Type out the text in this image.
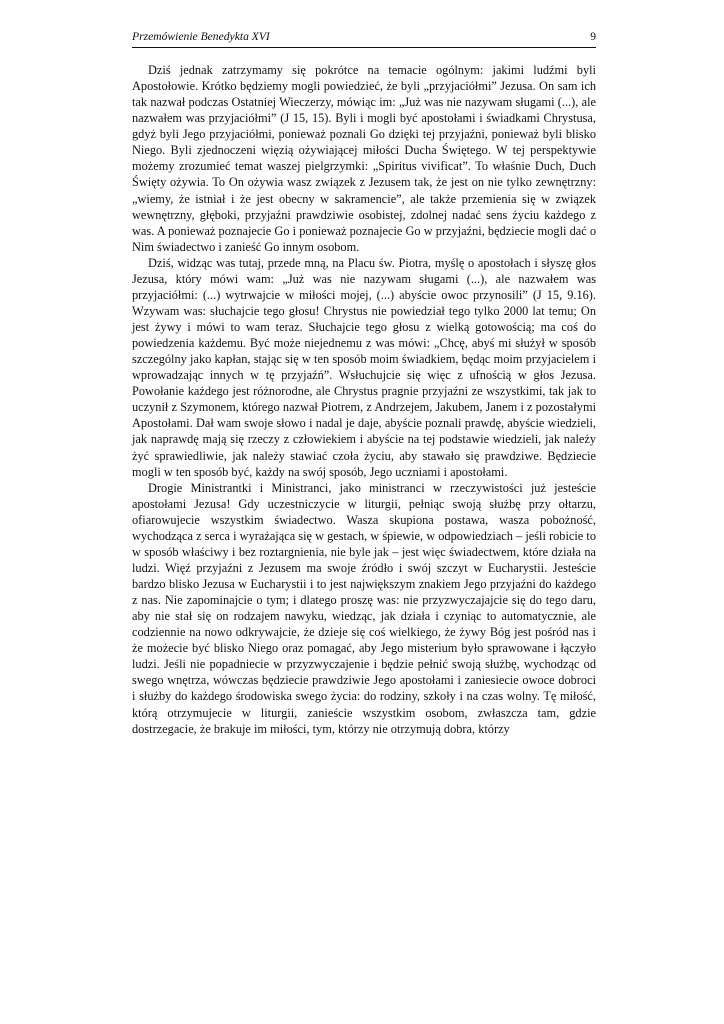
Przemówienie Benedykta XVI	9

Dziś jednak zatrzymamy się pokrótce na temacie ogólnym: jakimi ludźmi byli Apostołowie. Krótko będziemy mogli powiedzieć, że byli „przyjaciółmi” Jezusa. On sam ich tak nazwał podczas Ostatniej Wieczerzy, mówiąc im: „Już was nie nazywam sługami (...), ale nazwałem was przyjaciółmi” (J 15, 15). Byli i mogli być apostołami i świadkami Chrystusa, gdyż byli Jego przyjaciółmi, ponieważ poznali Go dzięki tej przyjaźni, ponieważ byli blisko Niego. Byli zjednoczeni więzią ożywiającej miłości Ducha Świętego. W tej perspektywie możemy zrozumieć temat waszej pielgrzymki: „Spiritus vivificat”. To właśnie Duch, Duch Święty ożywia. To On ożywia wasz związek z Jezusem tak, że jest on nie tylko zewnętrzny: „wiemy, że istniał i że jest obecny w sakramencie”, ale także przemienia się w związek wewnętrzny, głęboki, przyjaźni prawdziwie osobistej, zdolnej nadać sens życiu każdego z was. A ponieważ poznajecie Go i ponieważ poznajecie Go w przyjaźni, będziecie mogli dać o Nim świadectwo i zanieść Go innym osobom.

Dziś, widząc was tutaj, przede mną, na Placu św. Piotra, myślę o apostołach i słyszę głos Jezusa, który mówi wam: „Już was nie nazywam sługami (...), ale nazwałem was przyjaciółmi: (...) wytrwajcie w miłości mojej, (...) abyście owoc przynosili” (J 15, 9.16). Wzywam was: słuchajcie tego głosu! Chrystus nie powiedział tego tylko 2000 lat temu; On jest żywy i mówi to wam teraz. Słuchajcie tego głosu z wielką gotowością; ma coś do powiedzenia każdemu. Być może niejednemu z was mówi: „Chcę, abyś mi służył w sposób szczególny jako kapłan, stając się w ten sposób moim świadkiem, będąc moim przyjacielem i wprowadzając innych w tę przyjaźń”. Wsłuchujcie się więc z ufnością w głos Jezusa. Powołanie każdego jest różnorodne, ale Chrystus pragnie przyjaźni ze wszystkimi, tak jak to uczynił z Szymonem, którego nazwał Piotrem, z Andrzejem, Jakubem, Janem i z pozostałymi Apostołami. Dał wam swoje słowo i nadal je daje, abyście poznali prawdę, abyście wiedzieli, jak naprawdę mają się rzeczy z człowiekiem i abyście na tej podstawie wiedzieli, jak należy żyć sprawiedliwie, jak należy stawiać czoła życiu, aby stawało się prawdziwe. Będziecie mogli w ten sposób być, każdy na swój sposób, Jego uczniami i apostołami.

Drogie Ministrantki i Ministranci, jako ministranci w rzeczywistości już jesteście apostołami Jezusa! Gdy uczestniczycie w liturgii, pełniąc swoją służbę przy ołtarzu, ofiarowujecie wszystkim świadectwo. Wasza skupiona postawa, wasza pobożność, wychodząca z serca i wyrażająca się w gestach, w śpiewie, w odpowiedziach – jeśli robicie to w sposób właściwy i bez roztargnienia, nie byle jak – jest więc świadectwem, które działa na ludzi. Więź przyjaźni z Jezusem ma swoje źródło i swój szczyt w Eucharystii. Jesteście bardzo blisko Jezusa w Eucharystii i to jest największym znakiem Jego przyjaźni do każdego z nas. Nie zapominajcie o tym; i dlatego proszę was: nie przyzwyczajajcie się do tego daru, aby nie stał się on rodzajem nawyku, wiedząc, jak działa i czyniąc to automatycznie, ale codziennie na nowo odkrywajcie, że dzieje się coś wielkiego, że żywy Bóg jest pośród nas i że możecie być blisko Niego oraz pomagać, aby Jego misterium było sprawowane i łączyło ludzi. Jeśli nie popadniecie w przyzwyczajenie i będzie pełnić swoją służbę, wychodząc od swego wnętrza, wówczas będziecie prawdziwie Jego apostołami i zaniesiecie owoce dobroci i służby do każdego środowiska swego życia: do rodziny, szkoły i na czas wolny. Tę miłość, którą otrzymujecie w liturgii, zanieście wszystkim osobom, zwłaszcza tam, gdzie dostrzegacie, że brakuje im miłości, tym, którzy nie otrzymują dobra, którzy
